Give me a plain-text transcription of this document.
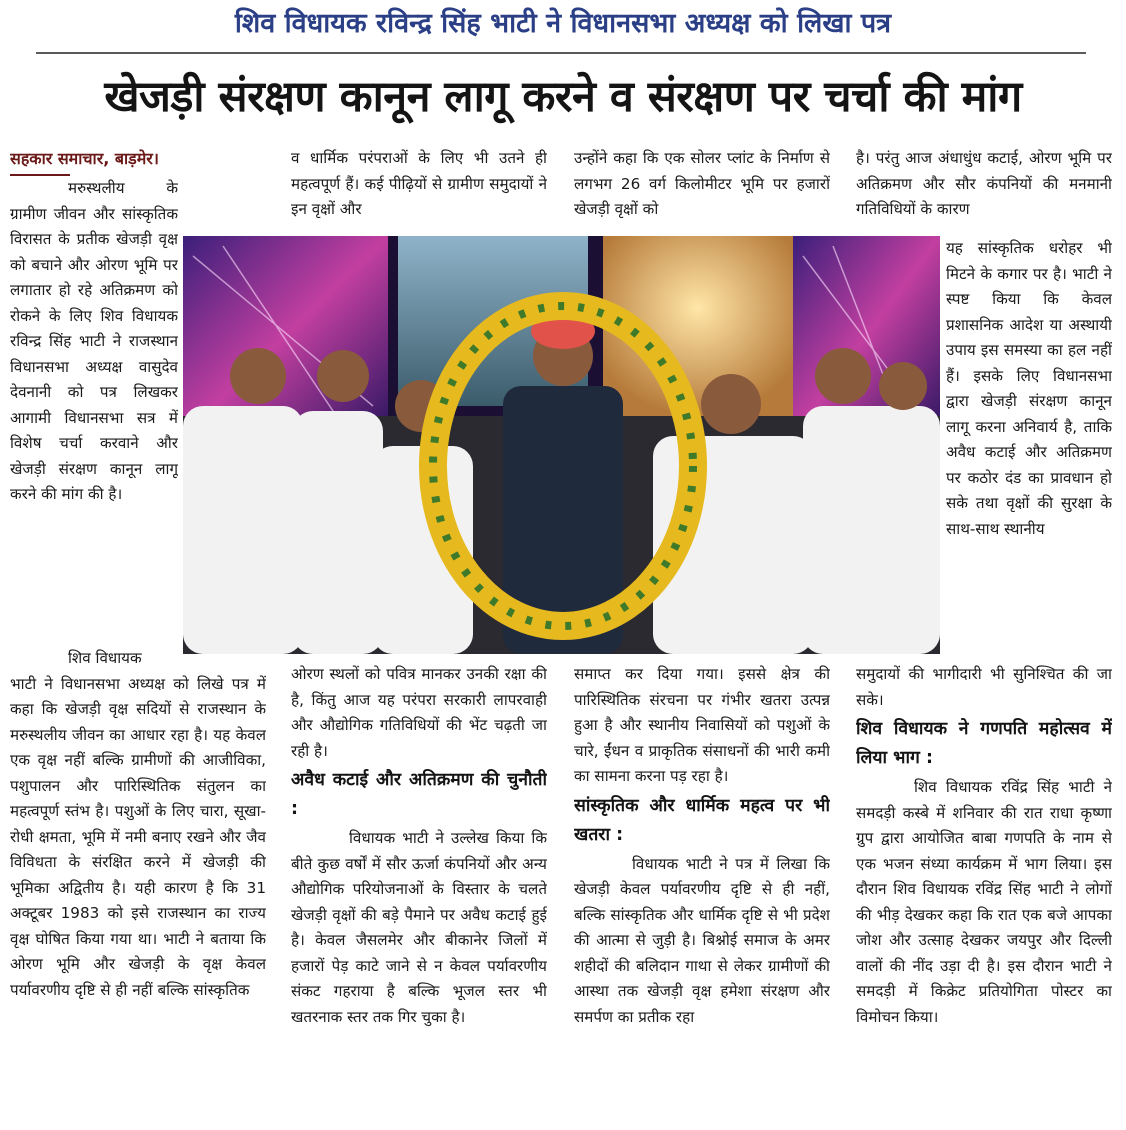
शिव विधायक रविन्द्र सिंह भाटी ने विधानसभा अध्यक्ष को लिखा पत्र
खेजड़ी संरक्षण कानून लागू करने व संरक्षण पर चर्चा की मांग
सहकार समाचार, बाड़मेर।

मरुस्थलीय के ग्रामीण जीवन और सांस्कृतिक विरासत के प्रतीक खेजड़ी वृक्ष को बचाने और ओरण भूमि पर लगातार हो रहे अतिक्रमण को रोकने के लिए शिव विधायक रविन्द्र सिंह भाटी ने राजस्थान विधानसभा अध्यक्ष वासुदेव देवनानी को पत्र लिखकर आगामी विधानसभा सत्र में विशेष चर्चा करवाने और खेजड़ी संरक्षण कानून लागू करने की मांग की है।

व धार्मिक परंपराओं के लिए भी उतने ही महत्वपूर्ण हैं। कई पीढ़ियों से ग्रामीण समुदायों ने इन वृक्षों और

उन्होंने कहा कि एक सोलर प्लांट के निर्माण से लगभग 26 वर्ग किलोमीटर भूमि पर हजारों खेजड़ी वृक्षों को

है। परंतु आज अंधाधुंध कटाई, ओरण भूमि पर अतिक्रमण और सौर कंपनियों की मनमानी गतिविधियों के कारण

यह सांस्कृतिक धरोहर भी मिटने के कगार पर है। भाटी ने स्पष्ट किया कि केवल प्रशासनिक आदेश या अस्थायी उपाय इस समस्या का हल नहीं हैं। इसके लिए विधानसभा द्वारा खेजड़ी संरक्षण कानून लागू करना अनिवार्य है, ताकि अवैध कटाई और अतिक्रमण पर कठोर दंड का प्रावधान हो सके तथा वृक्षों की सुरक्षा के साथ-साथ स्थानीय

शिव विधायक

भाटी ने विधानसभा अध्यक्ष को लिखे पत्र में कहा कि खेजड़ी वृक्ष सदियों से राजस्थान के मरुस्थलीय जीवन का आधार रहा है। यह केवल एक वृक्ष नहीं बल्कि ग्रामीणों की आजीविका, पशुपालन और पारिस्थितिक संतुलन का महत्वपूर्ण स्तंभ है। पशुओं के लिए चारा, सूखा-रोधी क्षमता, भूमि में नमी बनाए रखने और जैव विविधता के संरक्षित करने में खेजड़ी की भूमिका अद्वितीय है। यही कारण है कि 31 अक्टूबर 1983 को इसे राजस्थान का राज्य वृक्ष घोषित किया गया था। भाटी ने बताया कि ओरण भूमि और खेजड़ी के वृक्ष केवल पर्यावरणीय दृष्टि से ही नहीं बल्कि सांस्कृतिक

ओरण स्थलों को पवित्र मानकर उनकी रक्षा की है, किंतु आज यह परंपरा सरकारी लापरवाही और औद्योगिक गतिविधियों की भेंट चढ़ती जा रही है।

अवैध कटाई और अतिक्रमण की चुनौती :

विधायक भाटी ने उल्लेख किया कि बीते कुछ वर्षों में सौर ऊर्जा कंपनियों और अन्य औद्योगिक परियोजनाओं के विस्तार के चलते खेजड़ी वृक्षों की बड़े पैमाने पर अवैध कटाई हुई है। केवल जैसलमेर और बीकानेर जिलों में हजारों पेड़ काटे जाने से न केवल पर्यावरणीय संकट गहराया है बल्कि भूजल स्तर भी खतरनाक स्तर तक गिर चुका है।

समाप्त कर दिया गया। इससे क्षेत्र की पारिस्थितिक संरचना पर गंभीर खतरा उत्पन्न हुआ है और स्थानीय निवासियों को पशुओं के चारे, ईंधन व प्राकृतिक संसाधनों की भारी कमी का सामना करना पड़ रहा है।

सांस्कृतिक और धार्मिक महत्व पर भी खतरा :

विधायक भाटी ने पत्र में लिखा कि खेजड़ी केवल पर्यावरणीय दृष्टि से ही नहीं, बल्कि सांस्कृतिक और धार्मिक दृष्टि से भी प्रदेश की आत्मा से जुड़ी है। बिश्नोई समाज के अमर शहीदों की बलिदान गाथा से लेकर ग्रामीणों की आस्था तक खेजड़ी वृक्ष हमेशा संरक्षण और समर्पण का प्रतीक रहा

समुदायों की भागीदारी भी सुनिश्चित की जा सके।

शिव विधायक ने गणपति महोत्सव में लिया भाग :

शिव विधायक रविंद्र सिंह भाटी ने समदड़ी कस्बे में शनिवार की रात राधा कृष्णा ग्रुप द्वारा आयोजित बाबा गणपति के नाम से एक भजन संध्या कार्यक्रम में भाग लिया। इस दौरान शिव विधायक रविंद्र सिंह भाटी ने लोगों की भीड़ देखकर कहा कि रात एक बजे आपका जोश और उत्साह देखकर जयपुर और दिल्ली वालों की नींद उड़ा दी है। इस दौरान भाटी ने समदड़ी में किक्रेट प्रतियोगिता पोस्टर का विमोचन किया।
